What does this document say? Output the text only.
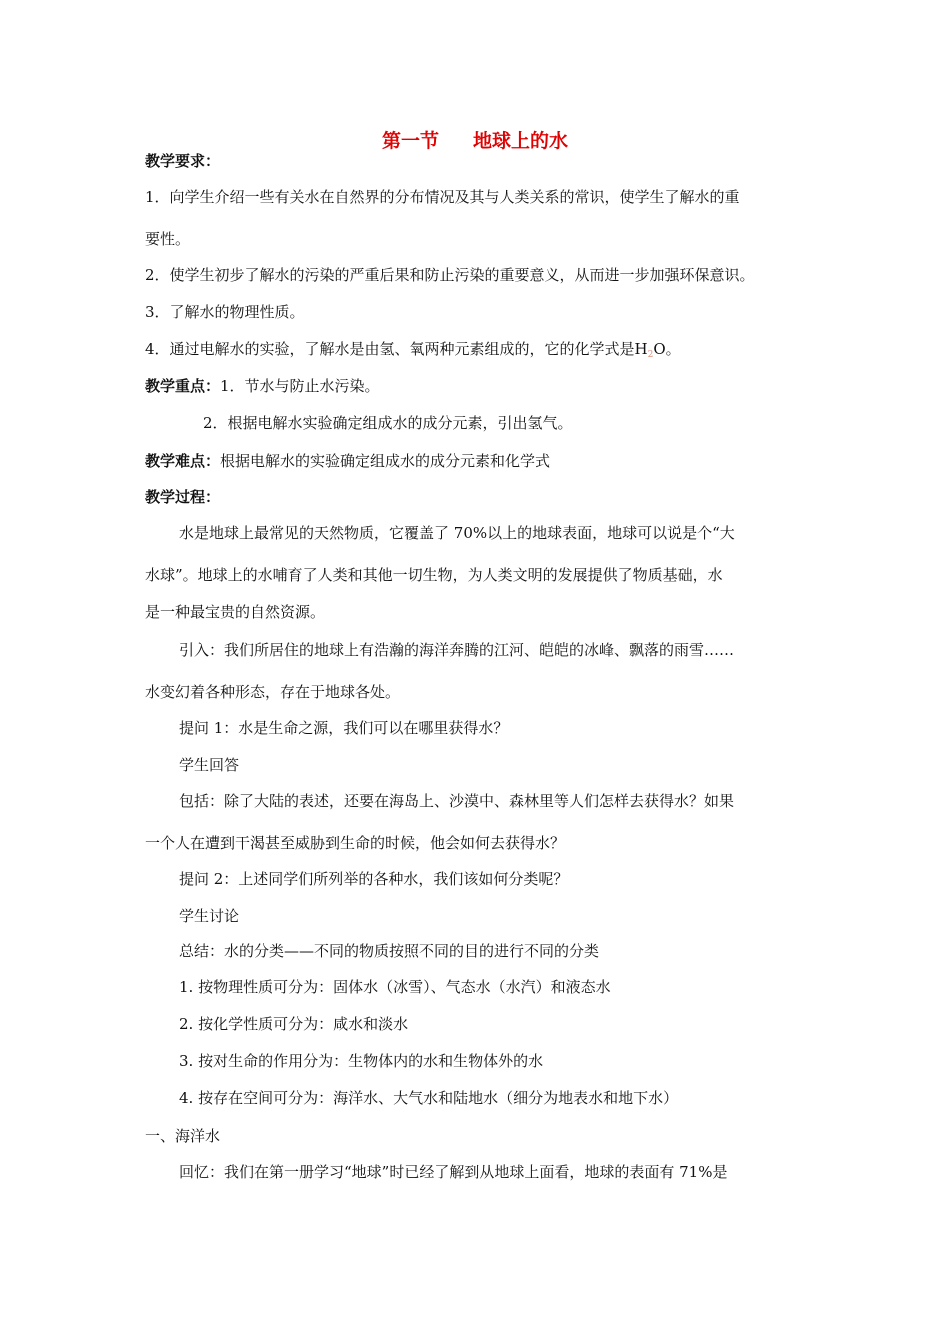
第一节 地球上的水
教学要求：
1．向学生介绍一些有关水在自然界的分布情况及其与人类关系的常识，使学生了解水的重
要性。
2．使学生初步了解水的污染的严重后果和防止污染的重要意义，从而进一步加强环保意识。
3．了解水的物理性质。
4．通过电解水的实验，了解水是由氢、氧两种元素组成的，它的化学式是$H_2O$。
教学重点：1．节水与防止水污染。
2．根据电解水实验确定组成水的成分元素，引出氢气。
教学难点：根据电解水的实验确定组成水的成分元素和化学式
教学过程：
水是地球上最常见的天然物质，它覆盖了 70%以上的地球表面，地球可以说是个“大
水球”。地球上的水哺育了人类和其他一切生物，为人类文明的发展提供了物质基础，水
是一种最宝贵的自然资源。
引入：我们所居住的地球上有浩瀚的海洋奔腾的江河、皑皑的冰峰、飘落的雨雪……
水变幻着各种形态，存在于地球各处。
提问 1：水是生命之源，我们可以在哪里获得水？
学生回答
包括：除了大陆的表述，还要在海岛上、沙漠中、森林里等人们怎样去获得水？如果
一个人在遭到干渴甚至威胁到生命的时候，他会如何去获得水？
提问 2：上述同学们所列举的各种水，我们该如何分类呢？
学生讨论
总结：水的分类——不同的物质按照不同的目的进行不同的分类
1. 按物理性质可分为：固体水（冰雪）、气态水（水汽）和液态水
2. 按化学性质可分为：咸水和淡水
3. 按对生命的作用分为：生物体内的水和生物体外的水
4. 按存在空间可分为：海洋水、大气水和陆地水（细分为地表水和地下水）
一、海洋水
回忆：我们在第一册学习“地球”时已经了解到从地球上面看，地球的表面有 71%是
